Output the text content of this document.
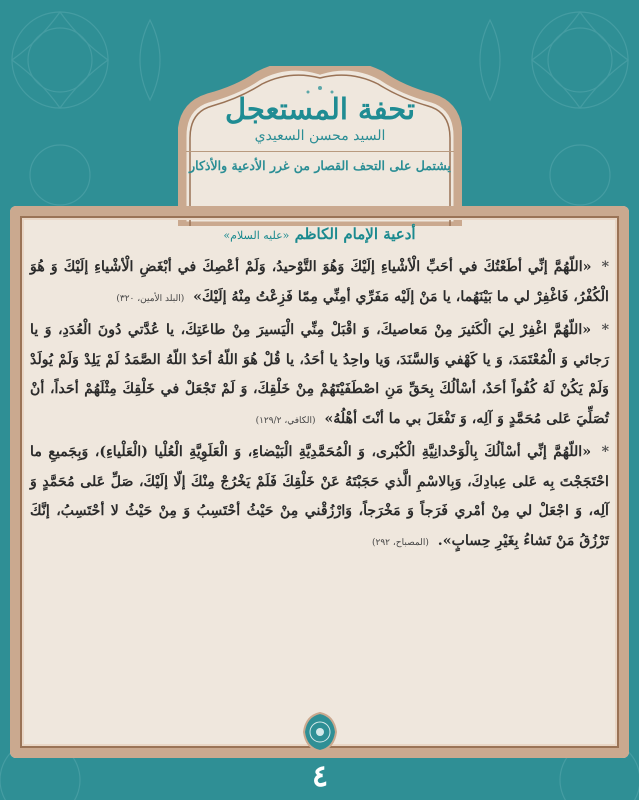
تحفة المستعجل
السيد محسن السعيدي
يشتمل على التحف القصار من غرر الأدعية والأذكار
أدعية الإمام الكاظم «عليه السلام»

* «اللّهُمَّ إنِّي أطَعْتُكَ في أحَبِّ الْأشْياءِ إلَيْكَ وَهُوَ التَّوْحيدُ، وَلَمْ أعْصِكَ في أبْغَضِ الْأشْياءِ إلَيْكَ وَ هُوَ الْكُفْرُ، فَاغْفِرْ لي ما بَيْنَهُما، يا مَنْ إلَيْه مَفَرِّي أمِنِّي مِمّا فَزِعْتُ مِنْهُ إلَيْكَ» (البلد الأمين، ٣٢٠)

* «اللّهُمَّ اغْفِرْ لِيَ الْكَثيرَ مِنْ مَعاصيكَ، وَ اقْبَلْ مِنِّي الْيَسيرَ مِنْ طاعَتِكَ، يا عُدَّتي دُونَ الْعُدَدِ، وَ يا رَجائي وَ الْمُعْتَمَدَ، وَ يا كَهْفي وَالسَّنَدَ، وَيا واحِدُ يا أحَدُ، يا قُلْ هُوَ اللّهُ أحَدٌ اللّهُ الصَّمَدُ لَمْ يَلِدْ وَلَمْ يُولَدْ وَلَمْ يَكُنْ لَهُ كُفُواً أحَدٌ، أسْألُكَ بِحَقِّ مَنِ اصْطَفَيْتَهُمْ مِنْ خَلْقِكَ، وَ لَمْ تَجْعَلْ في خَلْقِكَ مِثْلَهُمْ أحَداً، أنْ تُصَلِّيَ عَلى مُحَمَّدٍ وَ آلِه، وَ تَفْعَلَ بي ما أنْتَ أهْلُهُ» (الكافي، ١٢٩/٢)

* «اللّهُمَّ إنِّي أسْألُكَ بِالْوَحْدانِيَّةِ الْكُبْرى، وَ الْمُحَمَّدِيَّةِ الْبَيْضاءِ، وَ الْعَلَوِيَّةِ الْعُلْيا (الْعَلْياءِ)، وَبِجَميعِ ما احْتَجَجْتَ بِه عَلى عِبادِكَ، وَبِالاسْمِ الَّذي حَجَبْتَهُ عَنْ خَلْقِكَ فَلَمْ يَخْرُجْ مِنْكَ إلّا إلَيْكَ، صَلِّ عَلى مُحَمَّدٍ وَ آلِه، وَ اجْعَلْ لي مِنْ أمْري فَرَجاً وَ مَخْرَجاً، وَارْزُقْني مِنْ حَيْثُ أحْتَسِبُ وَ مِنْ حَيْثُ لا أحْتَسِبُ، إنَّكَ تَرْزُقُ مَنْ تَشاءُ بِغَيْرِ حِسابٍ». (المصباح، ٢٩٢)

٤
